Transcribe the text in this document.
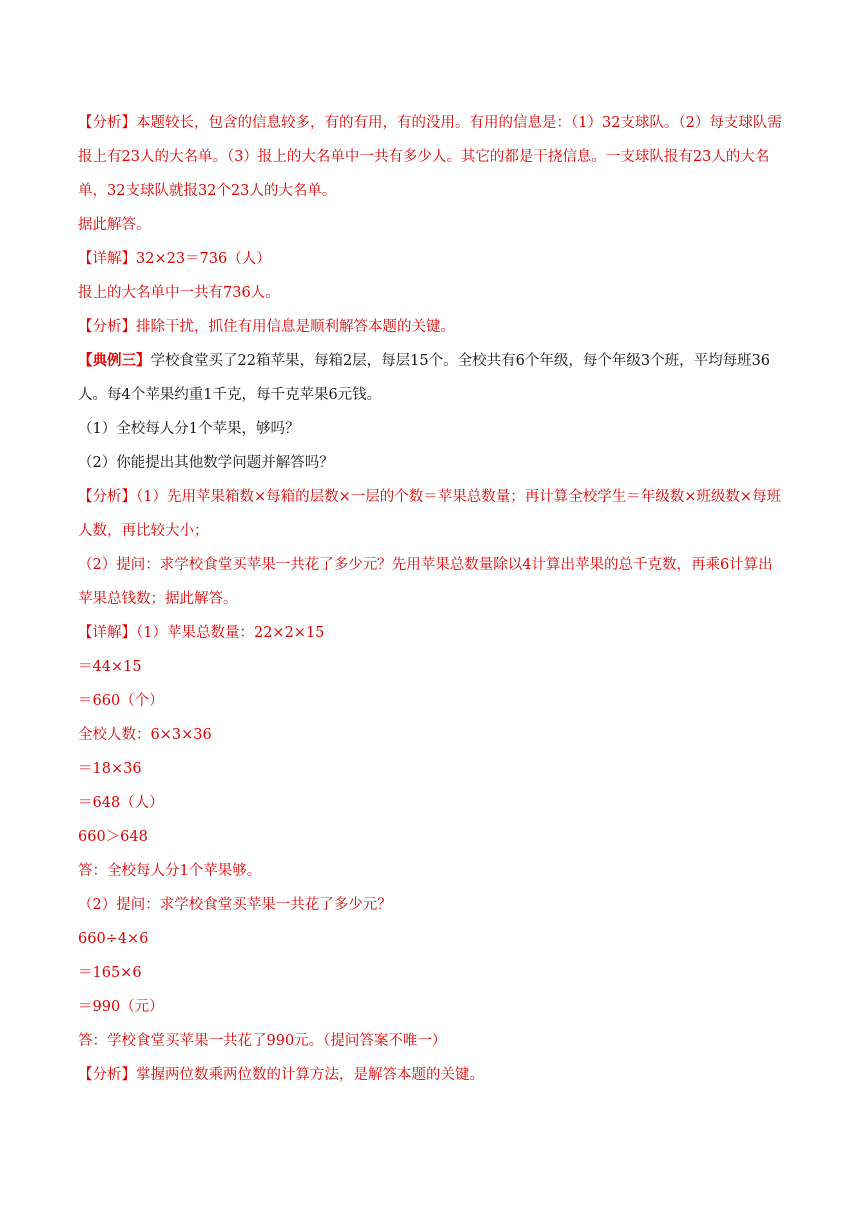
【分析】本题较长，包含的信息较多，有的有用，有的没用。有用的信息是：（1）32支球队。（2）每支球队需报上有23人的大名单。（3）报上的大名单中一共有多少人。其它的都是干挠信息。一支球队报有23人的大名单，32支球队就报32个23人的大名单。

据此解答。

【详解】32×23＝736（人）

报上的大名单中一共有736人。

【分析】排除干扰，抓住有用信息是顺利解答本题的关键。

【典例三】学校食堂买了22箱苹果，每箱2层，每层15个。全校共有6个年级，每个年级3个班，平均每班36人。每4个苹果约重1千克，每千克苹果6元钱。

（1）全校每人分1个苹果，够吗？

（2）你能提出其他数学问题并解答吗？

【分析】（1）先用苹果箱数×每箱的层数×一层的个数＝苹果总数量；再计算全校学生＝年级数×班级数×每班人数，再比较大小；

（2）提问：求学校食堂买苹果一共花了多少元？先用苹果总数量除以4计算出苹果的总千克数，再乘6计算出苹果总钱数；据此解答。

【详解】（1）苹果总数量：22×2×15

＝44×15

＝660（个）

全校人数：6×3×36

＝18×36

＝648（人）

660＞648

答：全校每人分1个苹果够。

（2）提问：求学校食堂买苹果一共花了多少元？

660÷4×6

＝165×6

＝990（元）

答：学校食堂买苹果一共花了990元。（提问答案不唯一）

【分析】掌握两位数乘两位数的计算方法，是解答本题的关键。
